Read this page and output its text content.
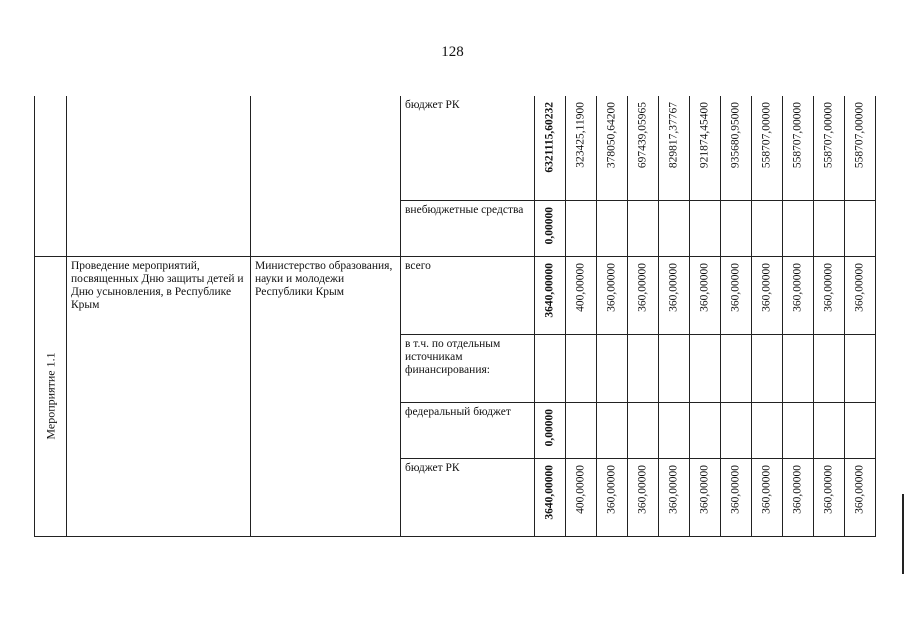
128
			бюджет РК	6321115,60232	323425,11900	378050,64200	697439,05965	829817,37767	921874,45400	935680,95000	558707,00000	558707,00000	558707,00000	558707,00000

			внебюджетные средства	0,00000										

Мероприятие 1.1	Проведение мероприятий, посвященных Дню защиты детей и Дню усыновления, в Республике Крым	Министерство образования, науки и молодежи Республики Крым	всего	3640,00000	400,00000	360,00000	360,00000	360,00000	360,00000	360,00000	360,00000	360,00000	360,00000	360,00000

			в т.ч. по отдельным источникам финансирования:	

			федеральный бюджет	0,00000										

			бюджет РК	3640,00000	400,00000	360,00000	360,00000	360,00000	360,00000	360,00000	360,00000	360,00000	360,00000	360,00000
